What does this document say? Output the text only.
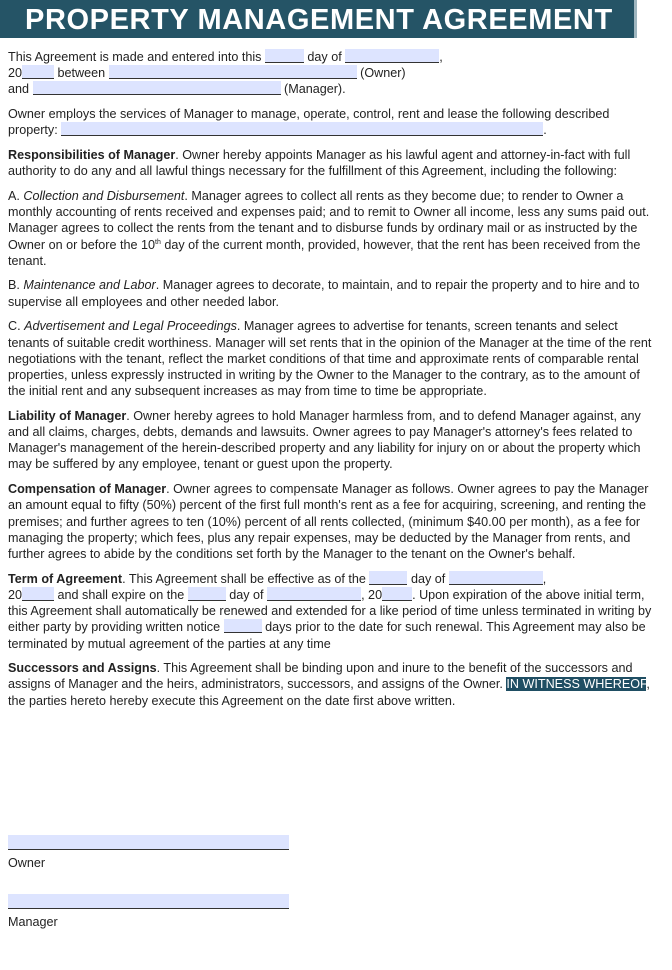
PROPERTY MANAGEMENT AGREEMENT

This Agreement is made and entered into this	day of	,
20	between	(Owner)
and	(Manager).

Owner employs the services of Manager to manage, operate, control, rent and lease the following described property:	.

Responsibilities of Manager. Owner hereby appoints Manager as his lawful agent and attorney-in-fact with full authority to do any and all lawful things necessary for the fulfillment of this Agreement, including the following:

A. Collection and Disbursement. Manager agrees to collect all rents as they become due; to render to Owner a monthly accounting of rents received and expenses paid; and to remit to Owner all income, less any sums paid out. Manager agrees to collect the rents from the tenant and to disburse funds by ordinary mail or as instructed by the Owner on or before the 10th day of the current month, provided, however, that the rent has been received from the tenant.

B. Maintenance and Labor. Manager agrees to decorate, to maintain, and to repair the property and to hire and to supervise all employees and other needed labor.

C. Advertisement and Legal Proceedings. Manager agrees to advertise for tenants, screen tenants and select tenants of suitable credit worthiness. Manager will set rents that in the opinion of the Manager at the time of the rent negotiations with the tenant, reflect the market conditions of that time and approximate rents of comparable rental properties, unless expressly instructed in writing by the Owner to the Manager to the contrary, as to the amount of the initial rent and any subsequent increases as may from time to time be appropriate.

Liability of Manager. Owner hereby agrees to hold Manager harmless from, and to defend Manager against, any and all claims, charges, debts, demands and lawsuits. Owner agrees to pay Manager's attorney's fees related to Manager's management of the herein-described property and any liability for injury on or about the property which may be suffered by any employee, tenant or guest upon the property.

Compensation of Manager. Owner agrees to compensate Manager as follows. Owner agrees to pay the Manager an amount equal to fifty (50%) percent of the first full month's rent as a fee for acquiring, screening, and renting the premises; and further agrees to ten (10%) percent of all rents collected, (minimum $40.00 per month), as a fee for managing the property; which fees, plus any repair expenses, may be deducted by the Manager from rents, and further agrees to abide by the conditions set forth by the Manager to the tenant on the Owner's behalf.

Term of Agreement. This Agreement shall be effective as of the	day of	,
20	and shall expire on the	day of	, 20 . Upon expiration of the above initial term, this Agreement shall automatically be renewed and extended for a like period of time unless terminated in writing by either party by providing written notice	days prior to the date for such renewal. This Agreement may also be terminated by mutual agreement of the parties at any time

Successors and Assigns. This Agreement shall be binding upon and inure to the benefit of the successors and assigns of Manager and the heirs, administrators, successors, and assigns of the Owner. IN WITNESS WHEREOF, the parties hereto hereby execute this Agreement on the date first above written.

Owner
Manager
